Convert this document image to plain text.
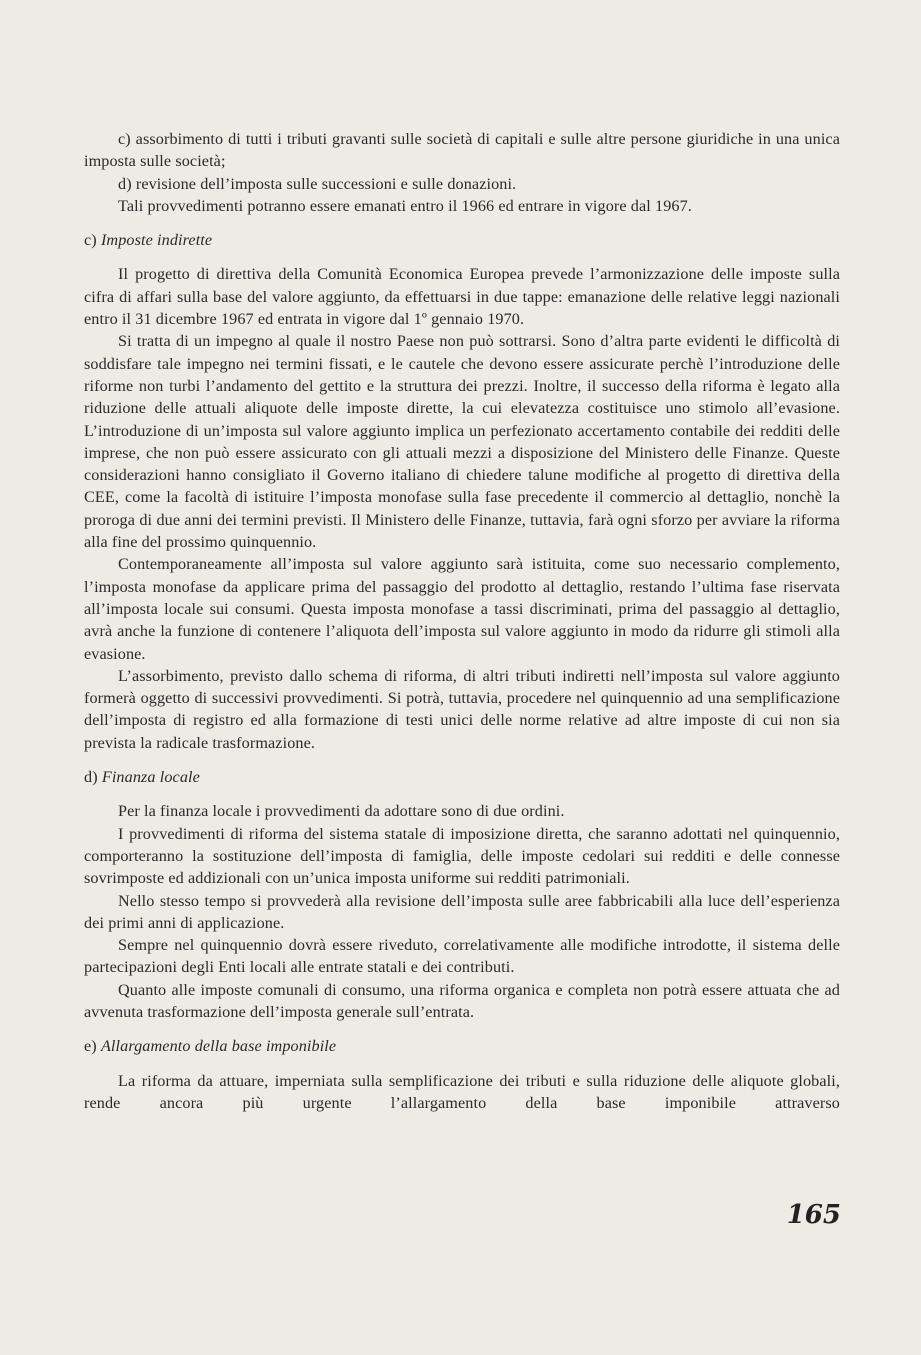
c) assorbimento di tutti i tributi gravanti sulle società di capitali e sulle altre persone giuridiche in una unica imposta sulle società;

d) revisione dell’imposta sulle successioni e sulle donazioni.

Tali provvedimenti potranno essere emanati entro il 1966 ed entrare in vigore dal 1967.

c) Imposte indirette

Il progetto di direttiva della Comunità Economica Europea prevede l’armonizzazione delle imposte sulla cifra di affari sulla base del valore aggiunto, da effettuarsi in due tappe: emanazione delle relative leggi nazionali entro il 31 dicembre 1967 ed entrata in vigore dal 1º gennaio 1970.

Si tratta di un impegno al quale il nostro Paese non può sottrarsi. Sono d’altra parte evidenti le difficoltà di soddisfare tale impegno nei termini fissati, e le cautele che devono essere assicurate perchè l’introduzione delle riforme non turbi l’andamento del gettito e la struttura dei prezzi. Inoltre, il successo della riforma è legato alla riduzione delle attuali aliquote delle imposte dirette, la cui elevatezza costituisce uno stimolo all’evasione. L’introduzione di un’imposta sul valore aggiunto implica un perfezionato accertamento contabile dei redditi delle imprese, che non può essere assicurato con gli attuali mezzi a disposizione del Ministero delle Finanze. Queste considerazioni hanno consigliato il Governo italiano di chiedere talune modifiche al progetto di direttiva della CEE, come la facoltà di istituire l’imposta monofase sulla fase precedente il commercio al dettaglio, nonchè la proroga di due anni dei termini previsti. Il Ministero delle Finanze, tuttavia, farà ogni sforzo per avviare la riforma alla fine del prossimo quinquennio.

Contemporaneamente all’imposta sul valore aggiunto sarà istituita, come suo necessario complemento, l’imposta monofase da applicare prima del passaggio del prodotto al dettaglio, restando l’ultima fase riservata all’imposta locale sui consumi. Questa imposta monofase a tassi discriminati, prima del passaggio al dettaglio, avrà anche la funzione di contenere l’aliquota dell’imposta sul valore aggiunto in modo da ridurre gli stimoli alla evasione.

L’assorbimento, previsto dallo schema di riforma, di altri tributi indiretti nell’imposta sul valore aggiunto formerà oggetto di successivi provvedimenti. Si potrà, tuttavia, procedere nel quinquennio ad una semplificazione dell’imposta di registro ed alla formazione di testi unici delle norme relative ad altre imposte di cui non sia prevista la radicale trasformazione.

d) Finanza locale

Per la finanza locale i provvedimenti da adottare sono di due ordini.

I provvedimenti di riforma del sistema statale di imposizione diretta, che saranno adottati nel quinquennio, comporteranno la sostituzione dell’imposta di famiglia, delle imposte cedolari sui redditi e delle connesse sovrimposte ed addizionali con un’unica imposta uniforme sui redditi patrimoniali.

Nello stesso tempo si provvederà alla revisione dell’imposta sulle aree fabbricabili alla luce dell’esperienza dei primi anni di applicazione.

Sempre nel quinquennio dovrà essere riveduto, correlativamente alle modifiche introdotte, il sistema delle partecipazioni degli Enti locali alle entrate statali e dei contributi.

Quanto alle imposte comunali di consumo, una riforma organica e completa non potrà essere attuata che ad avvenuta trasformazione dell’imposta generale sull’entrata.

e) Allargamento della base imponibile

La riforma da attuare, imperniata sulla semplificazione dei tributi e sulla riduzione delle aliquote globali, rende ancora più urgente l’allargamento della base imponibile attraverso

165
